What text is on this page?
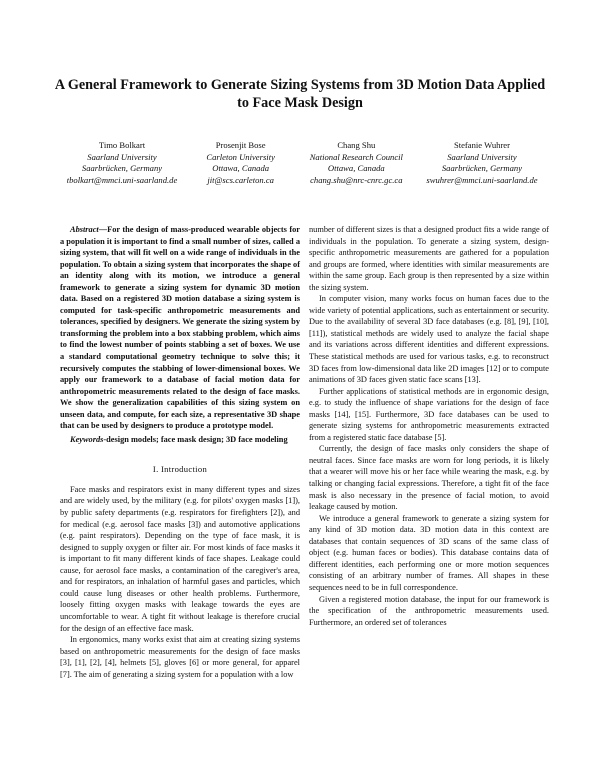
A General Framework to Generate Sizing Systems from 3D Motion Data Applied to Face Mask Design
Timo Bolkart
Saarland University
Saarbrücken, Germany
tbolkart@mmci.uni-saarland.de
Prosenjit Bose
Carleton University
Ottawa, Canada
jit@scs.carleton.ca
Chang Shu
National Research Council
Ottawa, Canada
chang.shu@nrc-cnrc.gc.ca
Stefanie Wuhrer
Saarland University
Saarbrücken, Germany
swuhrer@mmci.uni-saarland.de

Abstract—For the design of mass-produced wearable objects for a population it is important to find a small number of sizes, called a sizing system, that will fit well on a wide range of individuals in the population. To obtain a sizing system that incorporates the shape of an identity along with its motion, we introduce a general framework to generate a sizing system for dynamic 3D motion data. Based on a registered 3D motion database a sizing system is computed for task-specific anthropometric measurements and tolerances, specified by designers. We generate the sizing system by transforming the problem into a box stabbing problem, which aims to find the lowest number of points stabbing a set of boxes. We use a standard computational geometry technique to solve this; it recursively computes the stabbing of lower-dimensional boxes. We apply our framework to a database of facial motion data for anthropometric measurements related to the design of face masks. We show the generalization capabilities of this sizing system on unseen data, and compute, for each size, a representative 3D shape that can be used by designers to produce a prototype model.

Keywords-design models; face mask design; 3D face modeling

I. Introduction

Face masks and respirators exist in many different types and sizes and are widely used, by the military (e.g. for pilots' oxygen masks [1]), by public safety departments (e.g. respirators for firefighters [2]), and for medical (e.g. aerosol face masks [3]) and automotive applications (e.g. paint respirators). Depending on the type of face mask, it is designed to supply oxygen or filter air. For most kinds of face masks it is important to fit many different kinds of face shapes. Leakage could cause, for aerosol face masks, a contamination of the caregiver's area, and for respirators, an inhalation of harmful gases and particles, which could cause lung diseases or other health problems. Furthermore, loosely fitting oxygen masks with leakage towards the eyes are uncomfortable to wear. A tight fit without leakage is therefore crucial for the design of an effective face mask.

In ergonomics, many works exist that aim at creating sizing systems based on anthropometric measurements for the design of face masks [3], [1], [2], [4], helmets [5], gloves [6] or more general, for apparel [7]. The aim of generating a sizing system for a population with a low

number of different sizes is that a designed product fits a wide range of individuals in the population. To generate a sizing system, design-specific anthropometric measurements are gathered for a population and groups are formed, where identities with similar measurements are within the same group. Each group is then represented by a size within the sizing system.

In computer vision, many works focus on human faces due to the wide variety of potential applications, such as entertainment or security. Due to the availability of several 3D face databases (e.g. [8], [9], [10], [11]), statistical methods are widely used to analyze the facial shape and its variations across different identities and different expressions. These statistical methods are used for various tasks, e.g. to reconstruct 3D faces from low-dimensional data like 2D images [12] or to compute animations of 3D faces given static face scans [13].

Further applications of statistical methods are in ergonomic design, e.g. to study the influence of shape variations for the design of face masks [14], [15]. Furthermore, 3D face databases can be used to generate sizing systems for anthropometric measurements extracted from a registered static face database [5].

Currently, the design of face masks only considers the shape of neutral faces. Since face masks are worn for long periods, it is likely that a wearer will move his or her face while wearing the mask, e.g. by talking or changing facial expressions. Therefore, a tight fit of the face mask is also necessary in the presence of facial motion, to avoid leakage caused by motion.

We introduce a general framework to generate a sizing system for any kind of 3D motion data. 3D motion data in this context are databases that contain sequences of 3D scans of the same class of object (e.g. human faces or bodies). This database contains data of different identities, each performing one or more motion sequences consisting of an arbitrary number of frames. All shapes in these sequences need to be in full correspondence.

Given a registered motion database, the input for our framework is the specification of the anthropometric measurements used. Furthermore, an ordered set of tolerances
